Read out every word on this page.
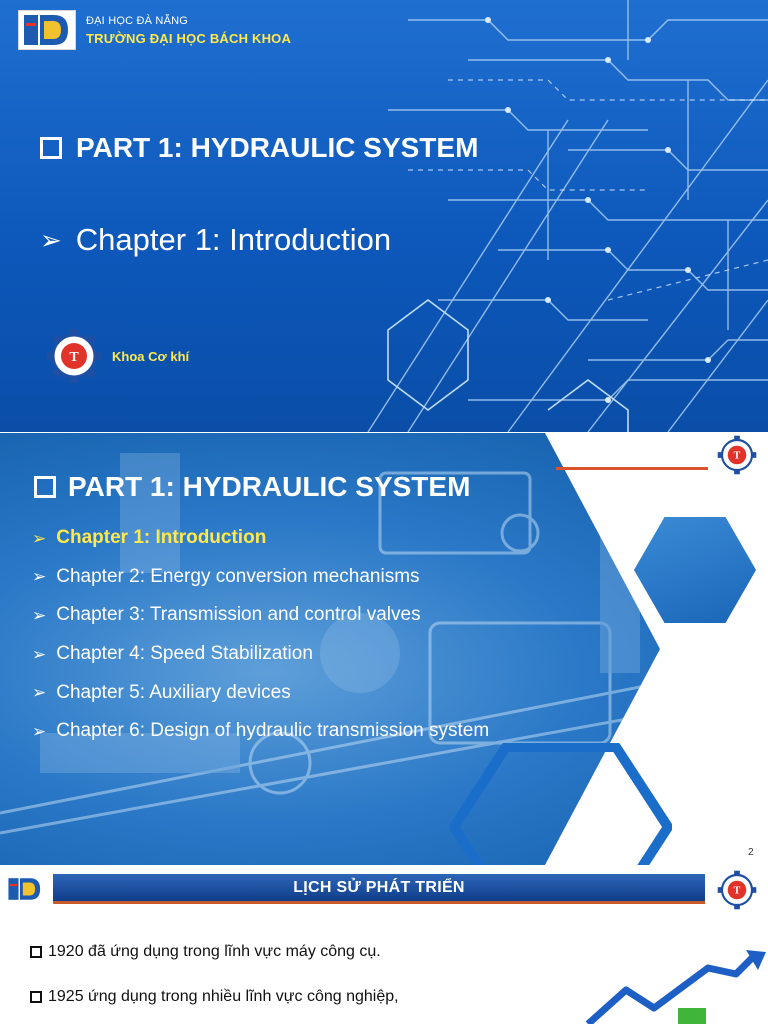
ĐẠI HỌC ĐÀ NẴNG
TRƯỜNG ĐẠI HỌC BÁCH KHOA
PART 1: HYDRAULIC SYSTEM
➢ Chapter 1: Introduction
T	Khoa Cơ khí
T
PART 1: HYDRAULIC SYSTEM
➢ Chapter 1: Introduction
➢ Chapter 2: Energy conversion mechanisms
➢ Chapter 3: Transmission and control valves
➢ Chapter 4: Speed Stabilization
➢ Chapter 5: Auxiliary devices
➢ Chapter 6: Design of hydraulic transmission system
2
LỊCH SỬ PHÁT TRIỂN	T
1920 đã ứng dụng trong lĩnh vực máy công cụ.
1925 ứng dụng trong nhiều lĩnh vực công nghiệp,
